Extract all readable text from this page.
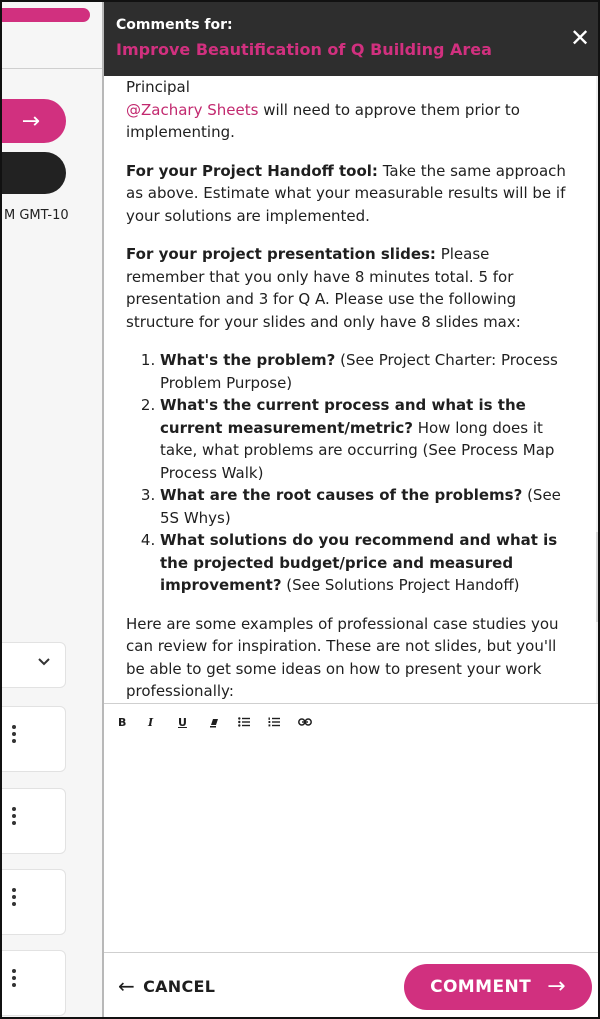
→
M GMT-10
Comments for:
Improve Beautification of Q Building Area	✕

Principal
@Zachary Sheets will need to approve them prior to implementing.

For your Project Handoff tool: Take the same approach as above. Estimate what your measurable results will be if your solutions are implemented.

For your project presentation slides: Please remember that you only have 8 minutes total. 5 for presentation and 3 for Q A. Please use the following structure for your slides and only have 8 slides max:

1. What's the problem? (See Project Charter: Process Problem Purpose)
2. What's the current process and what is the current measurement/metric? How long does it take, what problems are occurring (See Process Map Process Walk)
3. What are the root causes of the problems? (See 5S Whys)
4. What solutions do you recommend and what is the projected budget/price and measured improvement? (See Solutions Project Handoff)

Here are some examples of professional case studies you can review for inspiration. These are not slides, but you'll be able to get some ideas on how to present your work professionally:

B	I	U
← CANCEL	COMMENT →
